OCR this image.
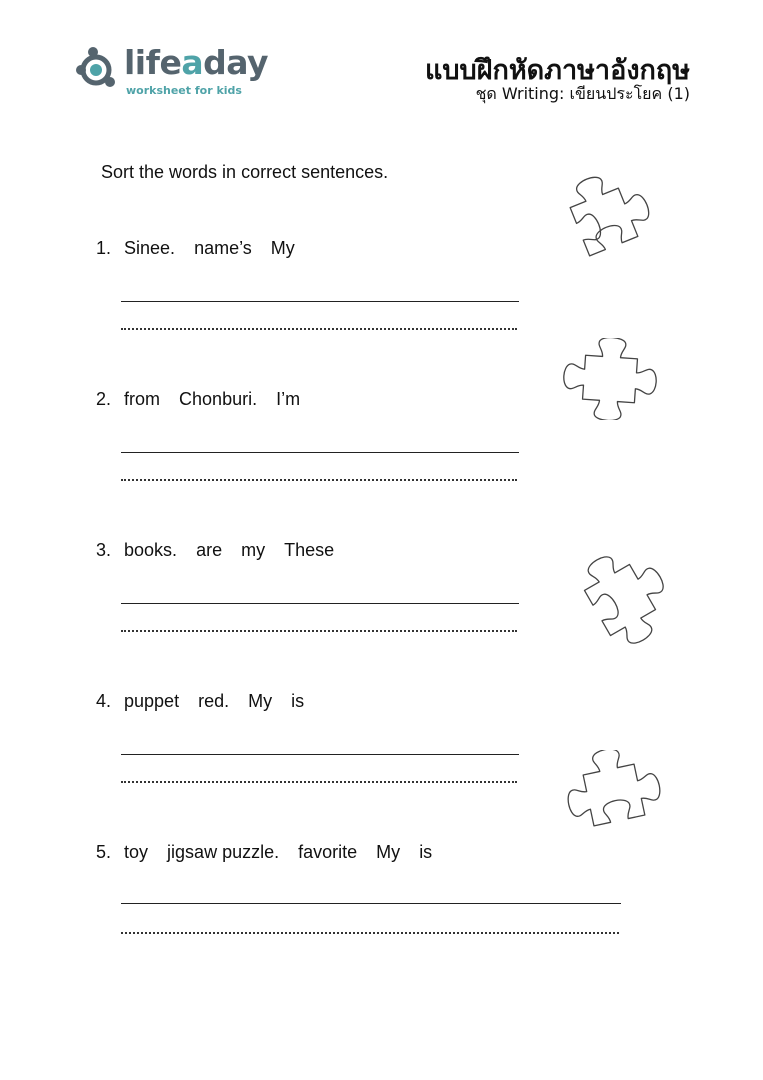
lifeaday
worksheet for kids
แบบฝึกหัดภาษาอังกฤษ
ชุด Writing: เขียนประโยค (1)
Sort the words in correct sentences.
1. Sinee. name’s My
2. from Chonburi. I’m
3. books. are my These
4. puppet red. My is
5. toy jigsaw puzzle. favorite My is
